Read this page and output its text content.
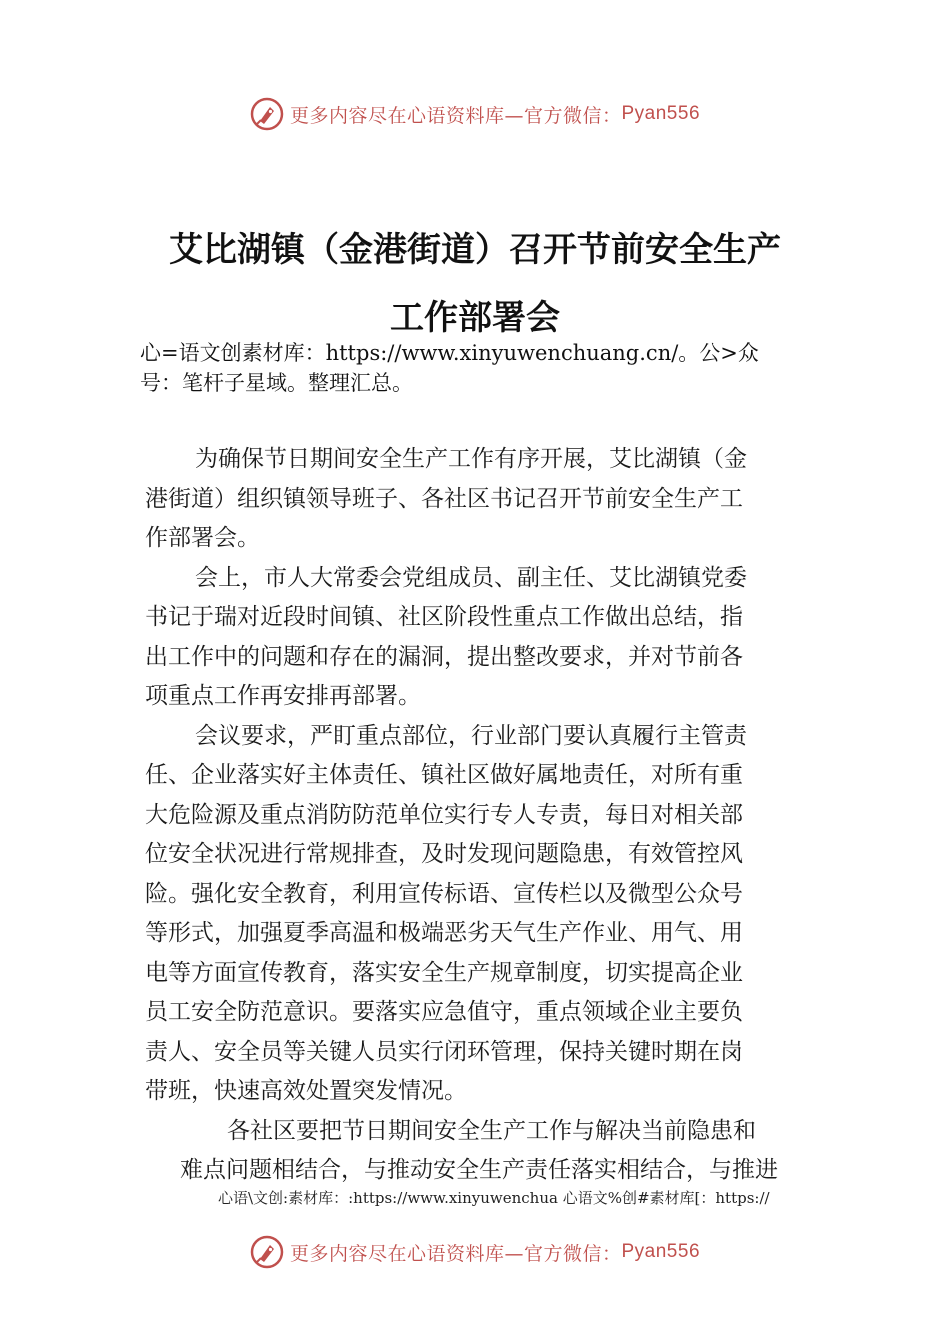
更多内容尽在心语资料库—官方微信： Pyan556
艾比湖镇（金港街道）召开节前安全生产
工作部署会
心=语文创素材库：https://www.xinyuwenchuang.cn/。公>众
号：笔杆子星域。整理汇总。
为确保节日期间安全生产工作有序开展，艾比湖镇（金
港街道）组织镇领导班子、各社区书记召开节前安全生产工
作部署会。
会上，市人大常委会党组成员、副主任、艾比湖镇党委
书记于瑞对近段时间镇、社区阶段性重点工作做出总结，指
出工作中的问题和存在的漏洞，提出整改要求，并对节前各
项重点工作再安排再部署。
会议要求，严盯重点部位，行业部门要认真履行主管责
任、企业落实好主体责任、镇社区做好属地责任，对所有重
大危险源及重点消防防范单位实行专人专责，每日对相关部
位安全状况进行常规排查，及时发现问题隐患，有效管控风
险。强化安全教育，利用宣传标语、宣传栏以及微型公众号
等形式，加强夏季高温和极端恶劣天气生产作业、用气、用
电等方面宣传教育，落实安全生产规章制度，切实提高企业
员工安全防范意识。要落实应急值守，重点领域企业主要负
责人、安全员等关键人员实行闭环管理，保持关键时期在岗
带班，快速高效处置突发情况。
各社区要把节日期间安全生产工作与解决当前隐患和
难点问题相结合，与推动安全生产责任落实相结合，与推进
心语\文创:素材库：:https://www.xinyuwenchua 心语文%创#素材库[：https://
更多内容尽在心语资料库—官方微信： Pyan556
